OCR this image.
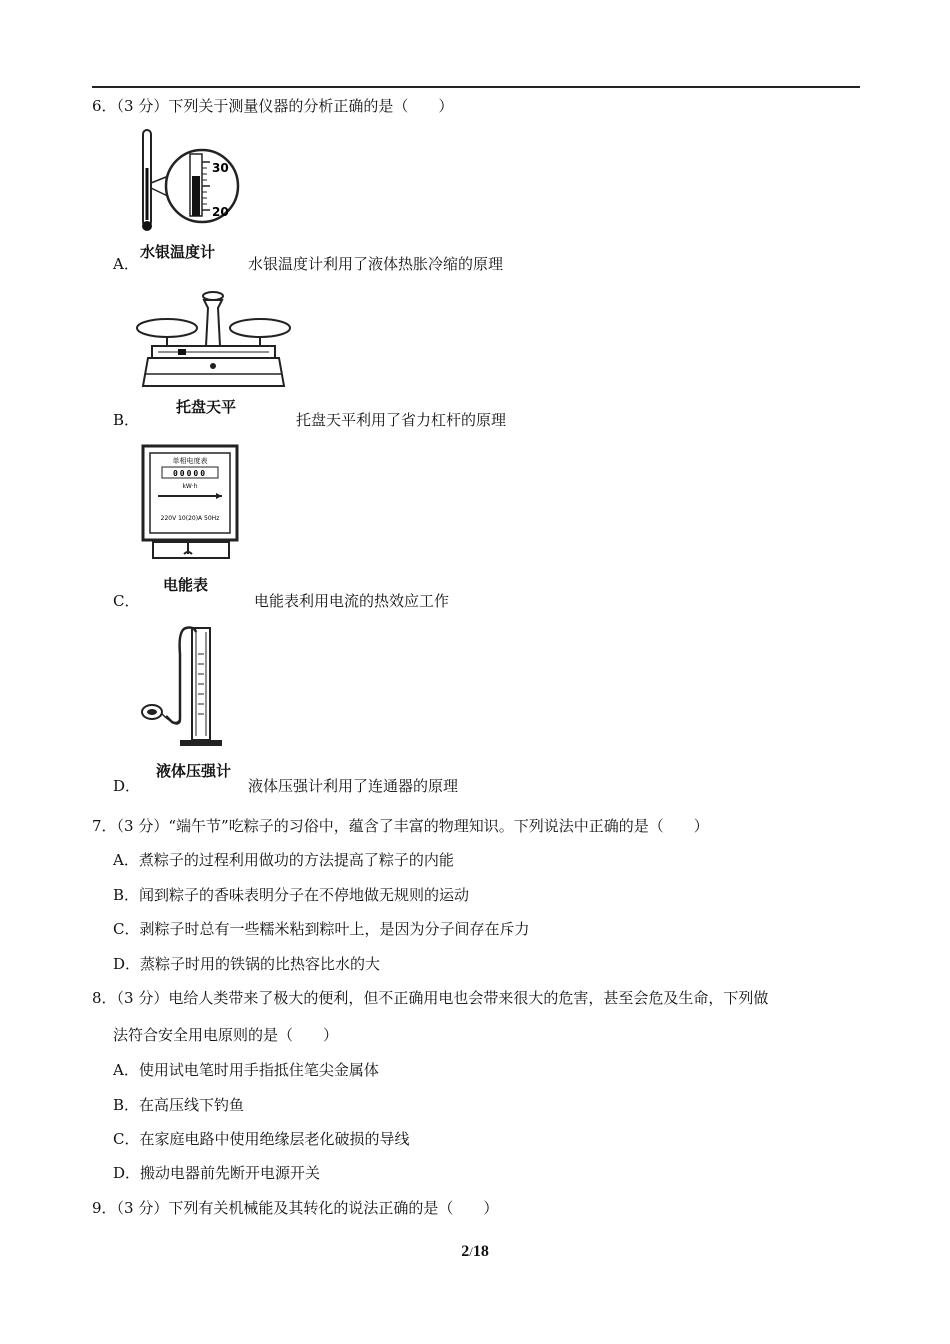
6．（3 分）下列关于测量仪器的分析正确的是（　　）
30
20
水银温度计
A．	水银温度计利用了液体热胀冷缩的原理
托盘天平
B．	托盘天平利用了省力杠杆的原理
单相电度表
00000
kW·h
220V 10(20)A 50Hz
电能表
C．	电能表利用电流的热效应工作
液体压强计
D．	液体压强计利用了连通器的原理
7．（3 分）“端午节”吃粽子的习俗中，蕴含了丰富的物理知识。下列说法中正确的是（　　）
A．煮粽子的过程利用做功的方法提高了粽子的内能
B．闻到粽子的香味表明分子在不停地做无规则的运动
C．剥粽子时总有一些糯米粘到粽叶上，是因为分子间存在斥力
D．蒸粽子时用的铁锅的比热容比水的大
8．（3 分）电给人类带来了极大的便利，但不正确用电也会带来很大的危害，甚至会危及生命，下列做
法符合安全用电原则的是（　　）
A．使用试电笔时用手指抵住笔尖金属体
B．在高压线下钓鱼
C．在家庭电路中使用绝缘层老化破损的导线
D．搬动电器前先断开电源开关
9．（3 分）下列有关机械能及其转化的说法正确的是（　　）
2/18
